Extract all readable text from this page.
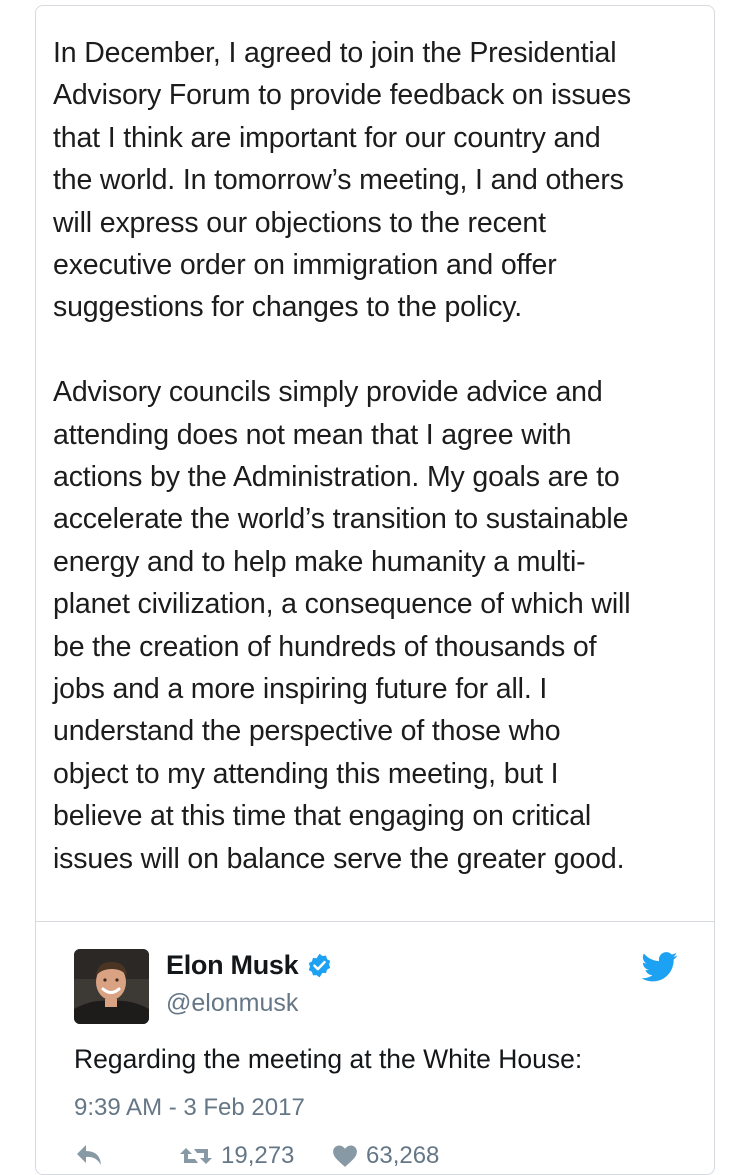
In December, I agreed to join the Presidential

Advisory Forum to provide feedback on issues

that I think are important for our country and

the world. In tomorrow’s meeting, I and others

will express our objections to the recent

executive order on immigration and offer

suggestions for changes to the policy.

Advisory councils simply provide advice and

attending does not mean that I agree with

actions by the Administration. My goals are to

accelerate the world’s transition to sustainable

energy and to help make humanity a multi-

planet civilization, a consequence of which will

be the creation of hundreds of thousands of

jobs and a more inspiring future for all. I

understand the perspective of those who

object to my attending this meeting, but I

believe at this time that engaging on critical

issues will on balance serve the greater good.

Elon Musk
@elonmusk
Regarding the meeting at the White House:
9:39 AM - 3 Feb 2017
19,273	63,268
